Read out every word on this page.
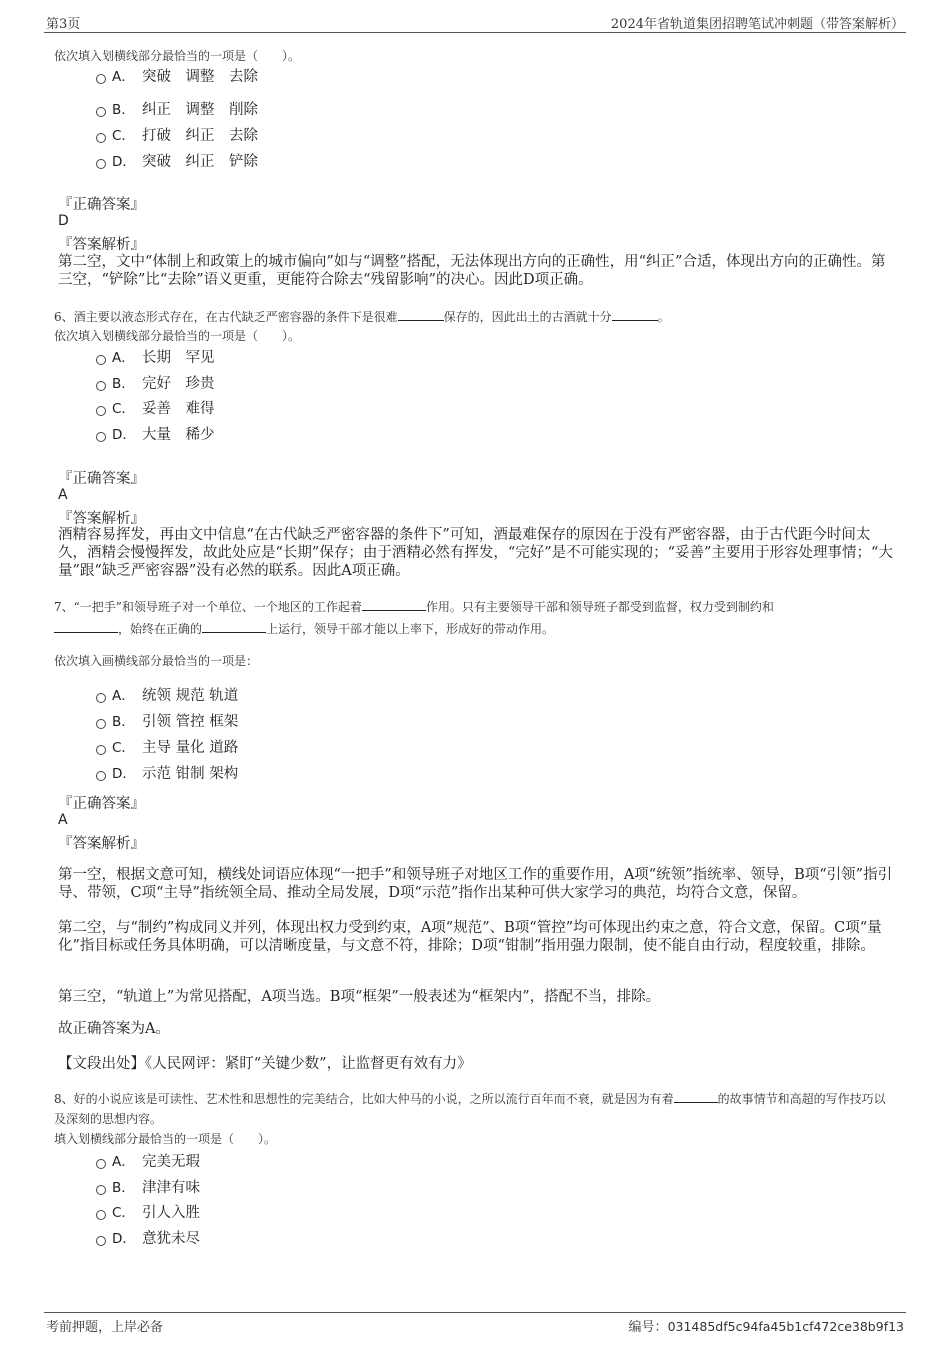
第3页	2024年省轨道集团招聘笔试冲刺题（带答案解析）
依次填入划横线部分最恰当的一项是（　　）。
A． 突破　调整　去除
B． 纠正　调整　削除
C． 打破　纠正　去除
D． 突破　纠正　铲除
『正确答案』
D
『答案解析』
第二空，文中“体制上和政策上的城市偏向”如与“调整”搭配，无法体现出方向的正确性，用“纠正”合适，体现出方向的正确性。第三空，“铲除”比“去除”语义更重，更能符合除去“残留影响”的决心。因此D项正确。
6、酒主要以液态形式存在，在古代缺乏严密容器的条件下是很难	保存的，因此出土的古酒就十分	。
依次填入划横线部分最恰当的一项是（　　）。
A． 长期　罕见
B． 完好　珍贵
C． 妥善　难得
D． 大量　稀少
『正确答案』
A
『答案解析』
酒精容易挥发，再由文中信息“在古代缺乏严密容器的条件下”可知，酒最难保存的原因在于没有严密容器，由于古代距今时间太久，酒精会慢慢挥发，故此处应是“长期”保存；由于酒精必然有挥发，“完好”是不可能实现的；“妥善”主要用于形容处理事情；“大量”跟“缺乏严密容器”没有必然的联系。因此A项正确。
7、“一把手”和领导班子对一个单位、一个地区的工作起着	作用。只有主要领导干部和领导班子都受到监督，权力受到制约和
，始终在正确的	上运行，领导干部才能以上率下，形成好的带动作用。
依次填入画横线部分最恰当的一项是：
A． 统领 规范 轨道
B． 引领 管控 框架
C． 主导 量化 道路
D． 示范 钳制 架构
『正确答案』
A
『答案解析』
第一空，根据文意可知，横线处词语应体现“一把手”和领导班子对地区工作的重要作用，A项“统领”指统率、领导，B项“引领”指引导、带领，C项“主导”指统领全局、推动全局发展，D项“示范”指作出某种可供大家学习的典范，均符合文意，保留。
第二空，与“制约”构成同义并列，体现出权力受到约束，A项“规范”、B项“管控”均可体现出约束之意，符合文意，保留。C项“量化”指目标或任务具体明确，可以清晰度量，与文意不符，排除；D项“钳制”指用强力限制，使不能自由行动，程度较重，排除。
第三空，“轨道上”为常见搭配，A项当选。B项“框架”一般表述为“框架内”，搭配不当，排除。
故正确答案为A。
【文段出处】《人民网评：紧盯“关键少数”，让监督更有效有力》
8、好的小说应该是可读性、艺术性和思想性的完美结合，比如大仲马的小说，之所以流行百年而不衰，就是因为有着	的故事情节和高超的写作技巧以及深刻的思想内容。
填入划横线部分最恰当的一项是（　　）。
A． 完美无瑕
B． 津津有味
C． 引人入胜
D． 意犹未尽
考前押题，上岸必备	编号：031485df5c94fa45b1cf472ce38b9f13
